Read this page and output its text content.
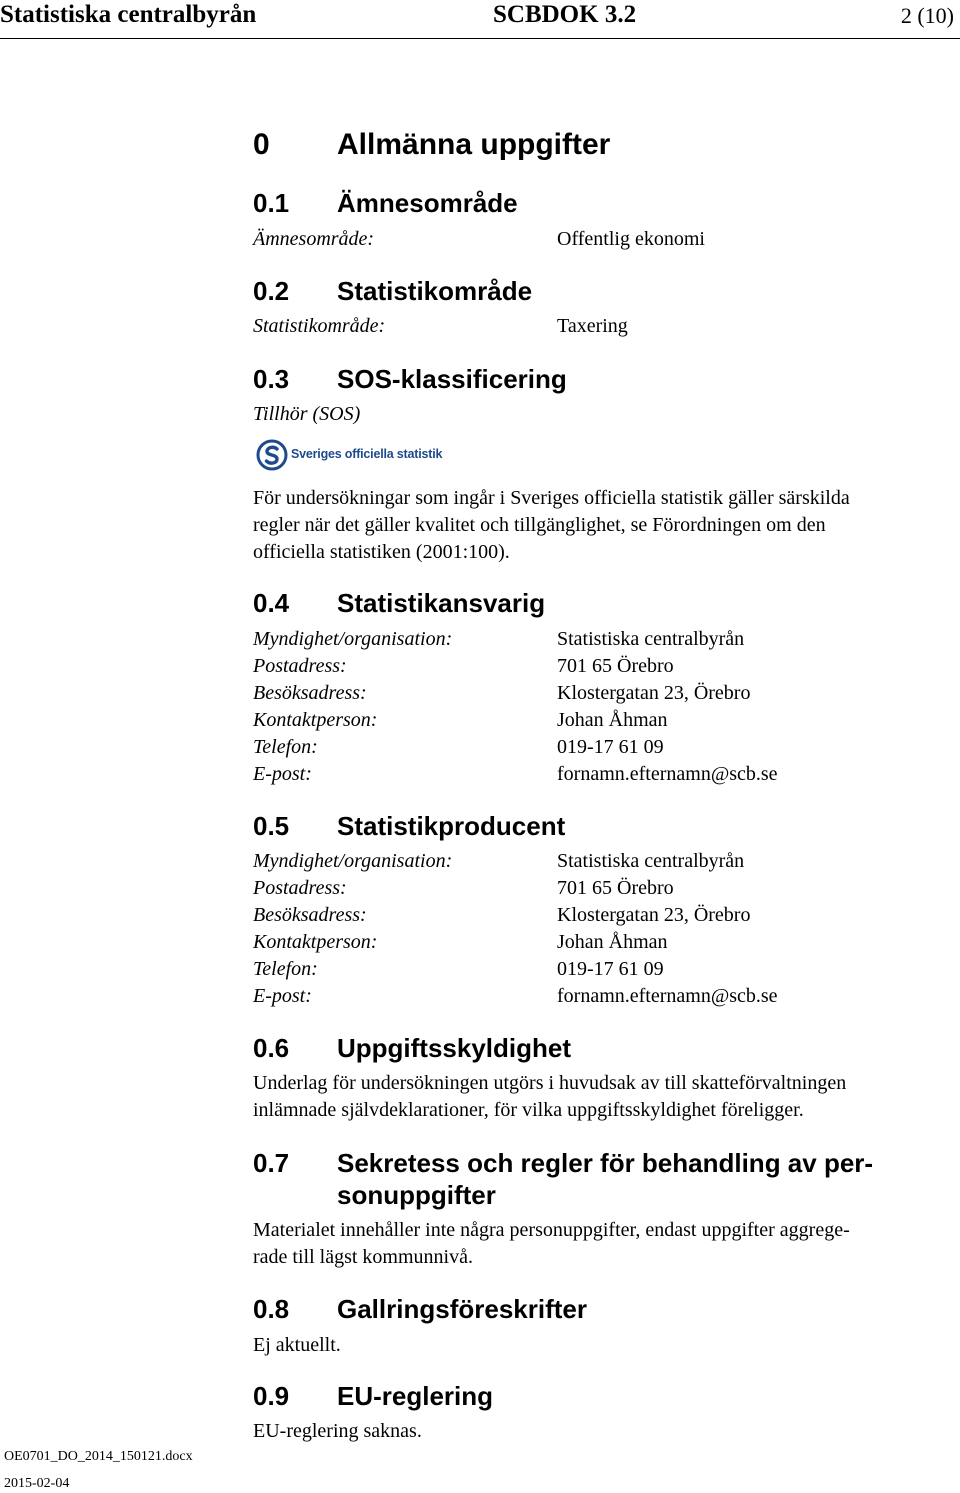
Statistiska centralbyrån	SCBDOK 3.2	2 (10)
0 Allmänna uppgifter
0.1 Ämnesområde
Ämnesområde:	Offentlig ekonomi
0.2 Statistikområde
Statistikområde:	Taxering
0.3 SOS-klassificering
Tillhör (SOS)
Sveriges officiella statistik
För undersökningar som ingår i Sveriges officiella statistik gäller särskilda
regler när det gäller kvalitet och tillgänglighet, se Förordningen om den
officiella statistiken (2001:100).
0.4 Statistikansvarig
Myndighet/organisation:	Statistiska centralbyrån
Postadress:	701 65 Örebro
Besöksadress:	Klostergatan 23, Örebro
Kontaktperson:	Johan Åhman
Telefon:	019-17 61 09
E-post:	fornamn.efternamn@scb.se
0.5 Statistikproducent
Myndighet/organisation:	Statistiska centralbyrån
Postadress:	701 65 Örebro
Besöksadress:	Klostergatan 23, Örebro
Kontaktperson:	Johan Åhman
Telefon:	019-17 61 09
E-post:	fornamn.efternamn@scb.se
0.6 Uppgiftsskyldighet
Underlag för undersökningen utgörs i huvudsak av till skatteförvaltningen
inlämnade självdeklarationer, för vilka uppgiftsskyldighet föreligger.
0.7 Sekretess och regler för behandling av per-
sonuppgifter
Materialet innehåller inte några personuppgifter, endast uppgifter aggrege-
rade till lägst kommunnivå.
0.8 Gallringsföreskrifter
Ej aktuellt.
0.9 EU-reglering
EU-reglering saknas.
OE0701_DO_2014_150121.docx
2015-02-04
